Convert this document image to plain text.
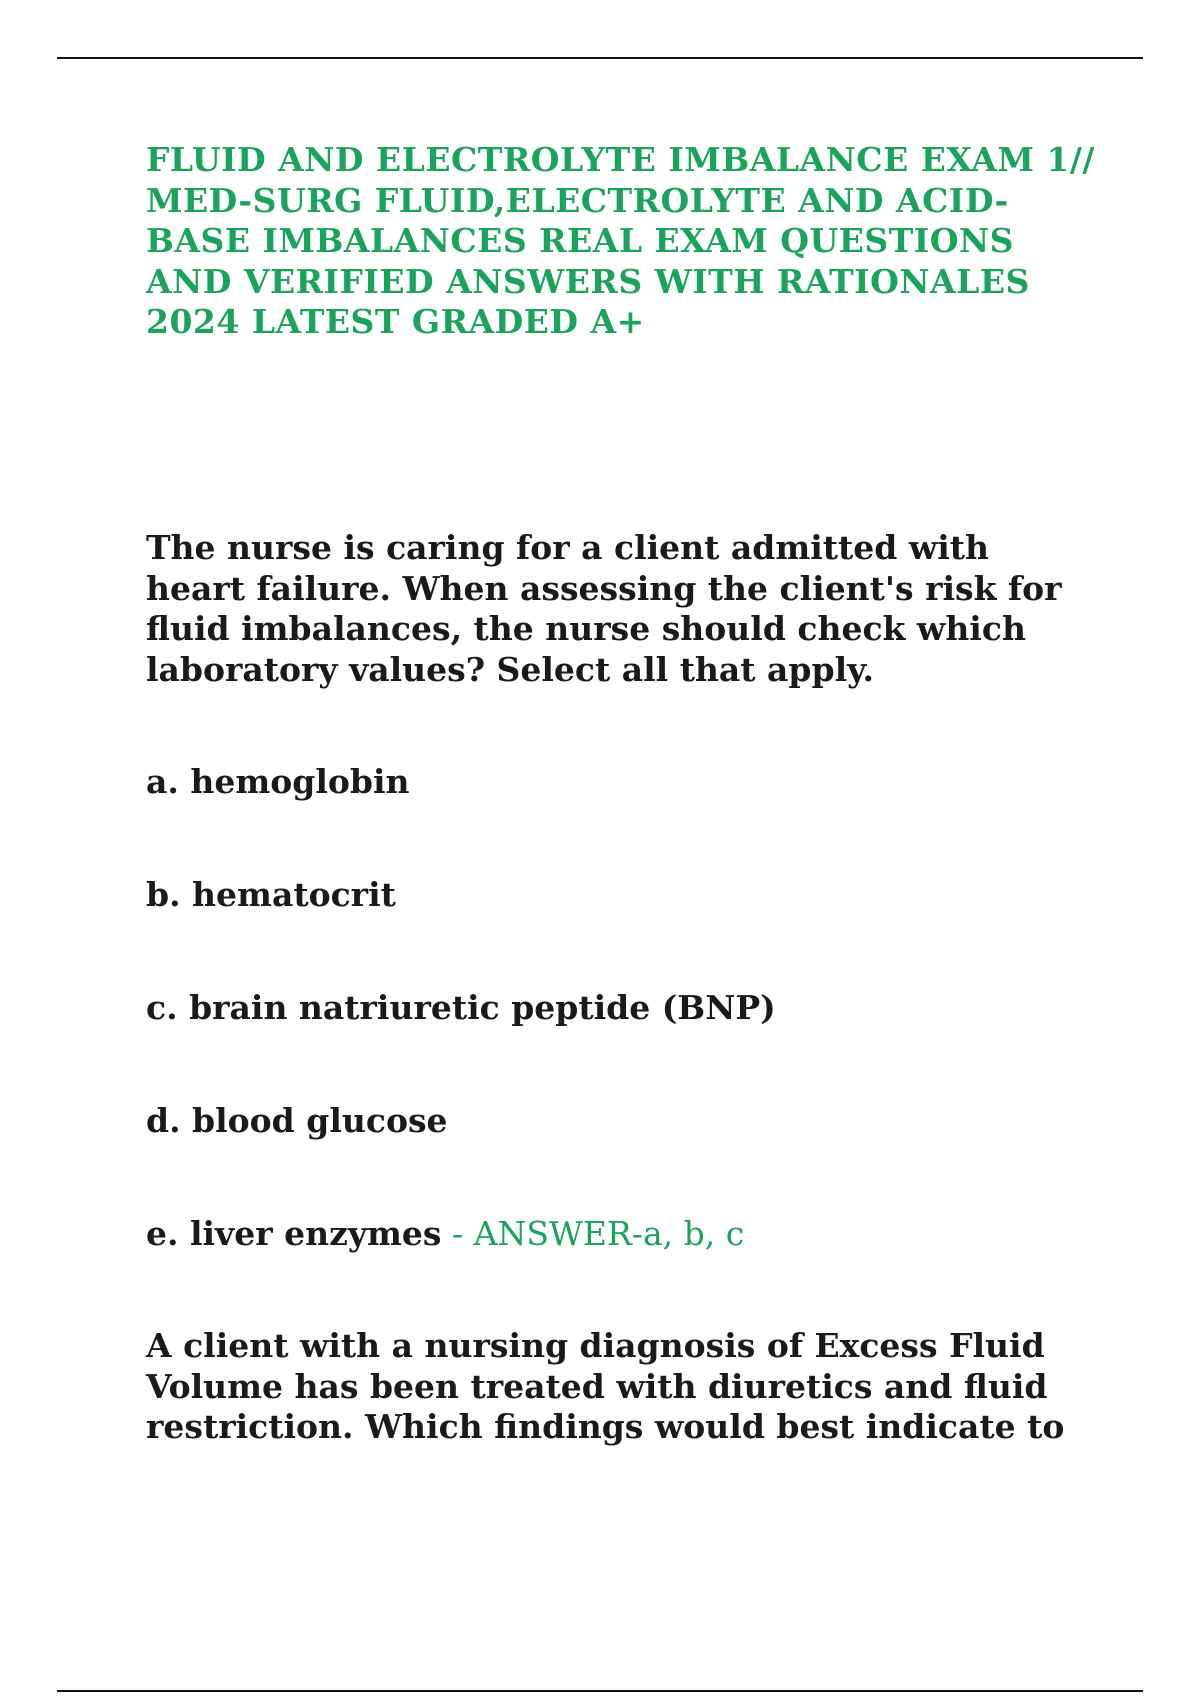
FLUID AND ELECTROLYTE IMBALANCE EXAM 1// MED-SURG FLUID,ELECTROLYTE AND ACID-BASE IMBALANCES REAL EXAM QUESTIONS AND VERIFIED ANSWERS WITH RATIONALES 2024 LATEST GRADED A+

The nurse is caring for a client admitted with heart failure. When assessing the client's risk for fluid imbalances, the nurse should check which laboratory values? Select all that apply.

a. hemoglobin

b. hematocrit

c. brain natriuretic peptide (BNP)

d. blood glucose

e. liver enzymes - ANSWER-a, b, c

A client with a nursing diagnosis of Excess Fluid Volume has been treated with diuretics and fluid restriction. Which findings would best indicate to
